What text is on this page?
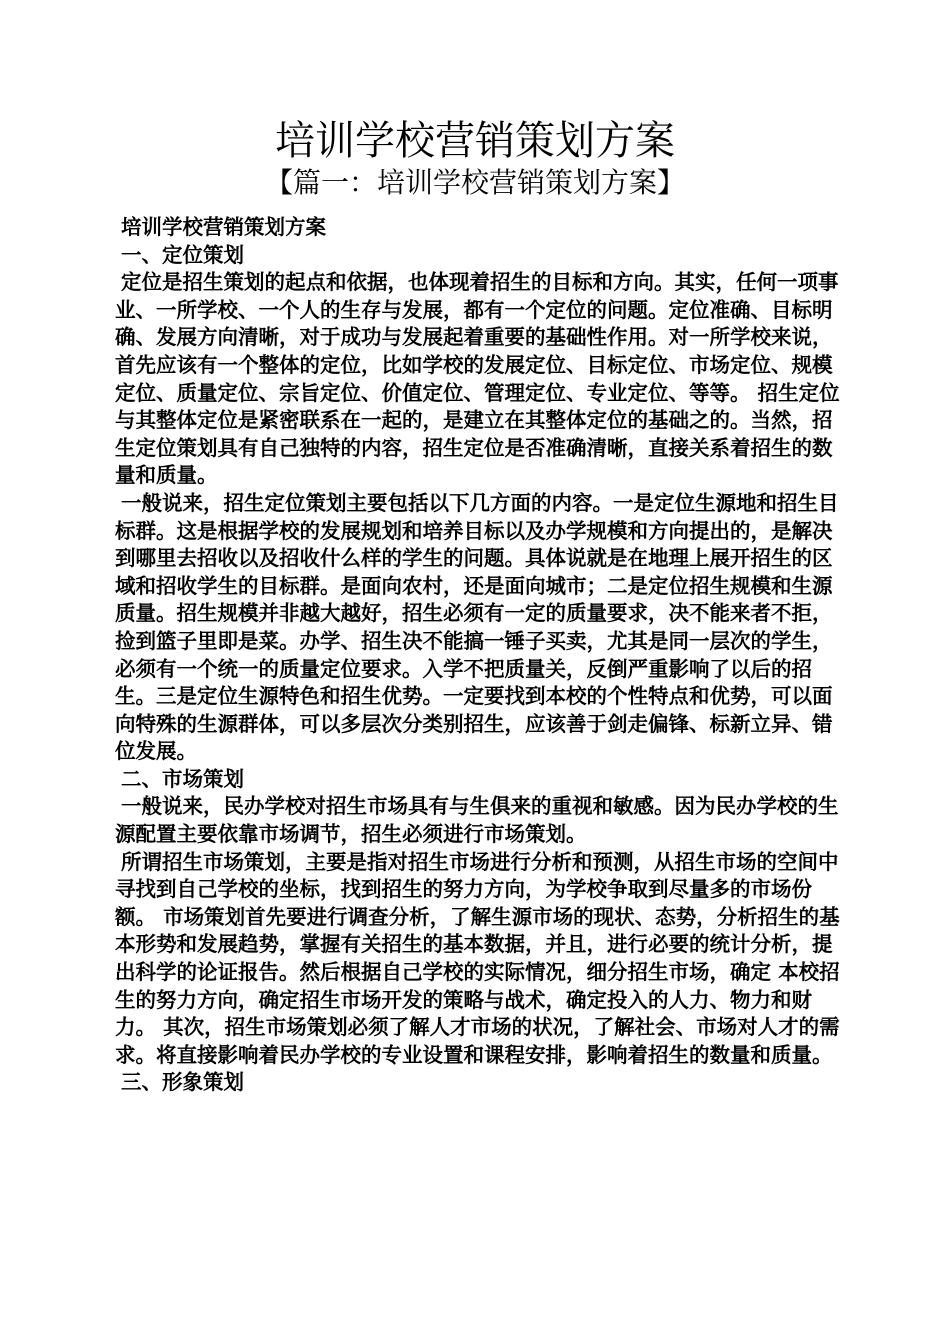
培训学校营销策划方案
【篇一：培训学校营销策划方案】

培训学校营销策划方案

一、定位策划

定位是招生策划的起点和依据，也体现着招生的目标和方向。其实，任何一项事业、一所学校、一个人的生存与发展，都有一个定位的问题。定位准确、目标明确、发展方向清晰，对于成功与发展起着重要的基础性作用。对一所学校来说，首先应该有一个整体的定位，比如学校的发展定位、目标定位、市场定位、规模定位、质量定位、宗旨定位、价值定位、管理定位、专业定位、等等。 招生定位与其整体定位是紧密联系在一起的，是建立在其整体定位的基础之的。当然，招生定位策划具有自己独特的内容，招生定位是否准确清晰，直接关系着招生的数量和质量。

一般说来，招生定位策划主要包括以下几方面的内容。一是定位生源地和招生目标群。这是根据学校的发展规划和培养目标以及办学规模和方向提出的，是解决到哪里去招收以及招收什么样的学生的问题。具体说就是在地理上展开招生的区域和招收学生的目标群。是面向农村，还是面向城市；二是定位招生规模和生源质量。招生规模并非越大越好，招生必须有一定的质量要求，决不能来者不拒，捡到篮子里即是菜。办学、招生决不能搞一锤子买卖，尤其是同一层次的学生，必须有一个统一的质量定位要求。入学不把质量关，反倒严重影响了以后的招生。三是定位生源特色和招生优势。一定要找到本校的个性特点和优势，可以面向特殊的生源群体，可以多层次分类别招生，应该善于剑走偏锋、标新立异、错位发展。

二、市场策划

一般说来，民办学校对招生市场具有与生俱来的重视和敏感。因为民办学校的生源配置主要依靠市场调节，招生必须进行市场策划。

所谓招生市场策划，主要是指对招生市场进行分析和预测，从招生市场的空间中寻找到自己学校的坐标，找到招生的努力方向，为学校争取到尽量多的市场份额。 市场策划首先要进行调查分析，了解生源市场的现状、态势，分析招生的基本形势和发展趋势，掌握有关招生的基本数据，并且，进行必要的统计分析，提出科学的论证报告。然后根据自己学校的实际情况，细分招生市场，确定 本校招生的努力方向，确定招生市场开发的策略与战术，确定投入的人力、物力和财力。 其次，招生市场策划必须了解人才市场的状况，了解社会、市场对人才的需求。将直接影响着民办学校的专业设置和课程安排，影响着招生的数量和质量。

三、形象策划
